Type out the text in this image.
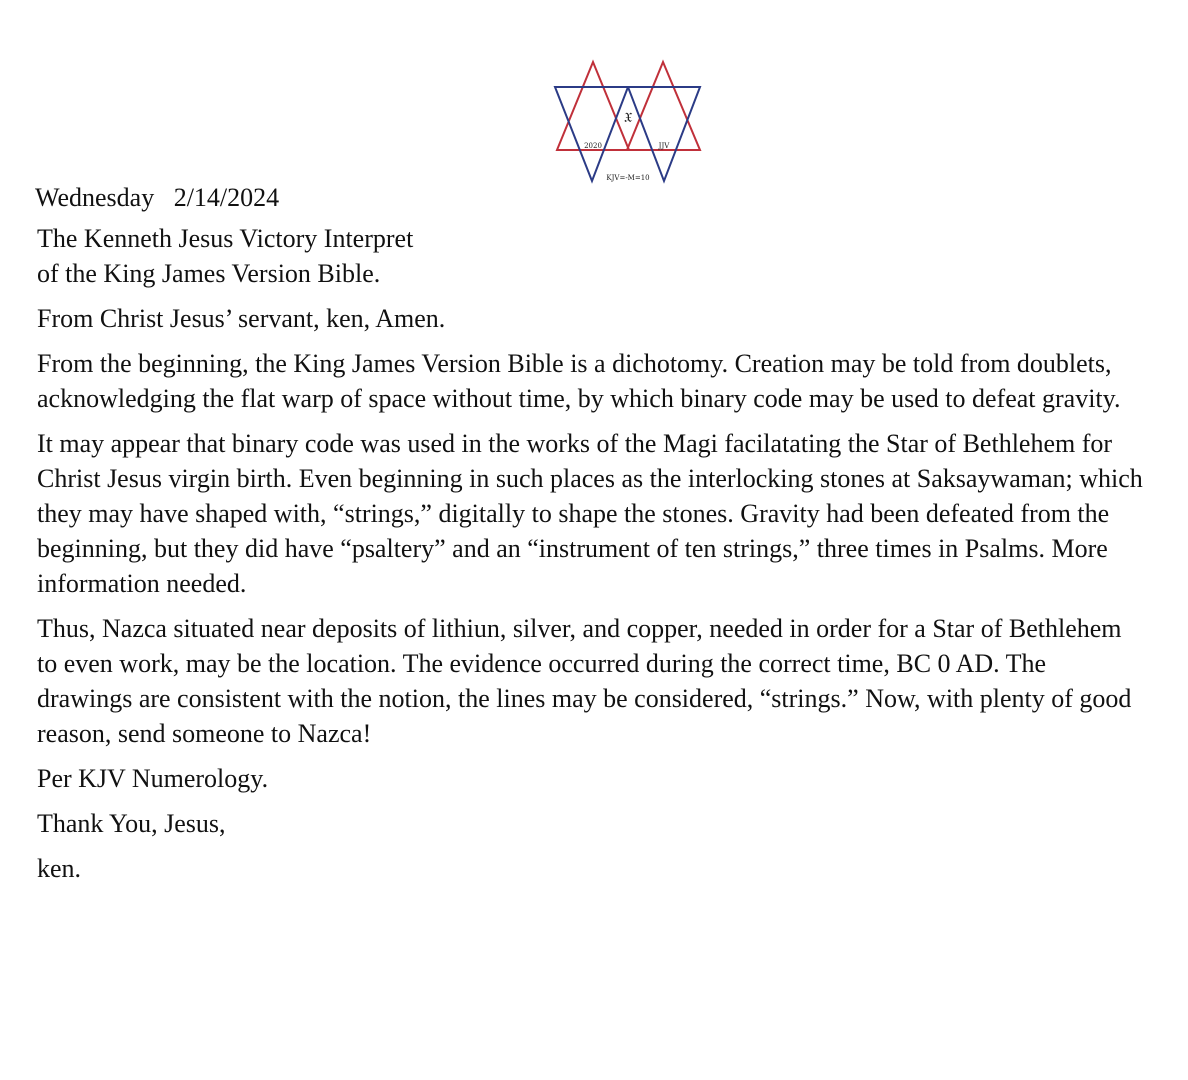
𝔛
2020	JJV
KJV=-M=10
Wednesday 2/14/2024

The Kenneth Jesus Victory Interpret
of the King James Version Bible.

From Christ Jesus’ servant, ken, Amen.

From the beginning, the King James Version Bible is a dichotomy. Creation may be told from doublets, acknowledging the flat warp of space without time, by which binary code may be used to defeat gravity.

It may appear that binary code was used in the works of the Magi facilatating the Star of Bethlehem for Christ Jesus virgin birth. Even beginning in such places as the interlocking stones at Saksaywaman; which they may have shaped with, “strings,” digitally to shape the stones. Gravity had been defeated from the beginning, but they did have “psaltery” and an “instrument of ten strings,” three times in Psalms. More information needed.

Thus, Nazca situated near deposits of lithiun, silver, and copper, needed in order for a Star of Bethlehem to even work, may be the location. The evidence occurred during the correct time, BC 0 AD. The drawings are consistent with the notion, the lines may be considered, “strings.” Now, with plenty of good reason, send someone to Nazca!

Per KJV Numerology.

Thank You, Jesus,

ken.
